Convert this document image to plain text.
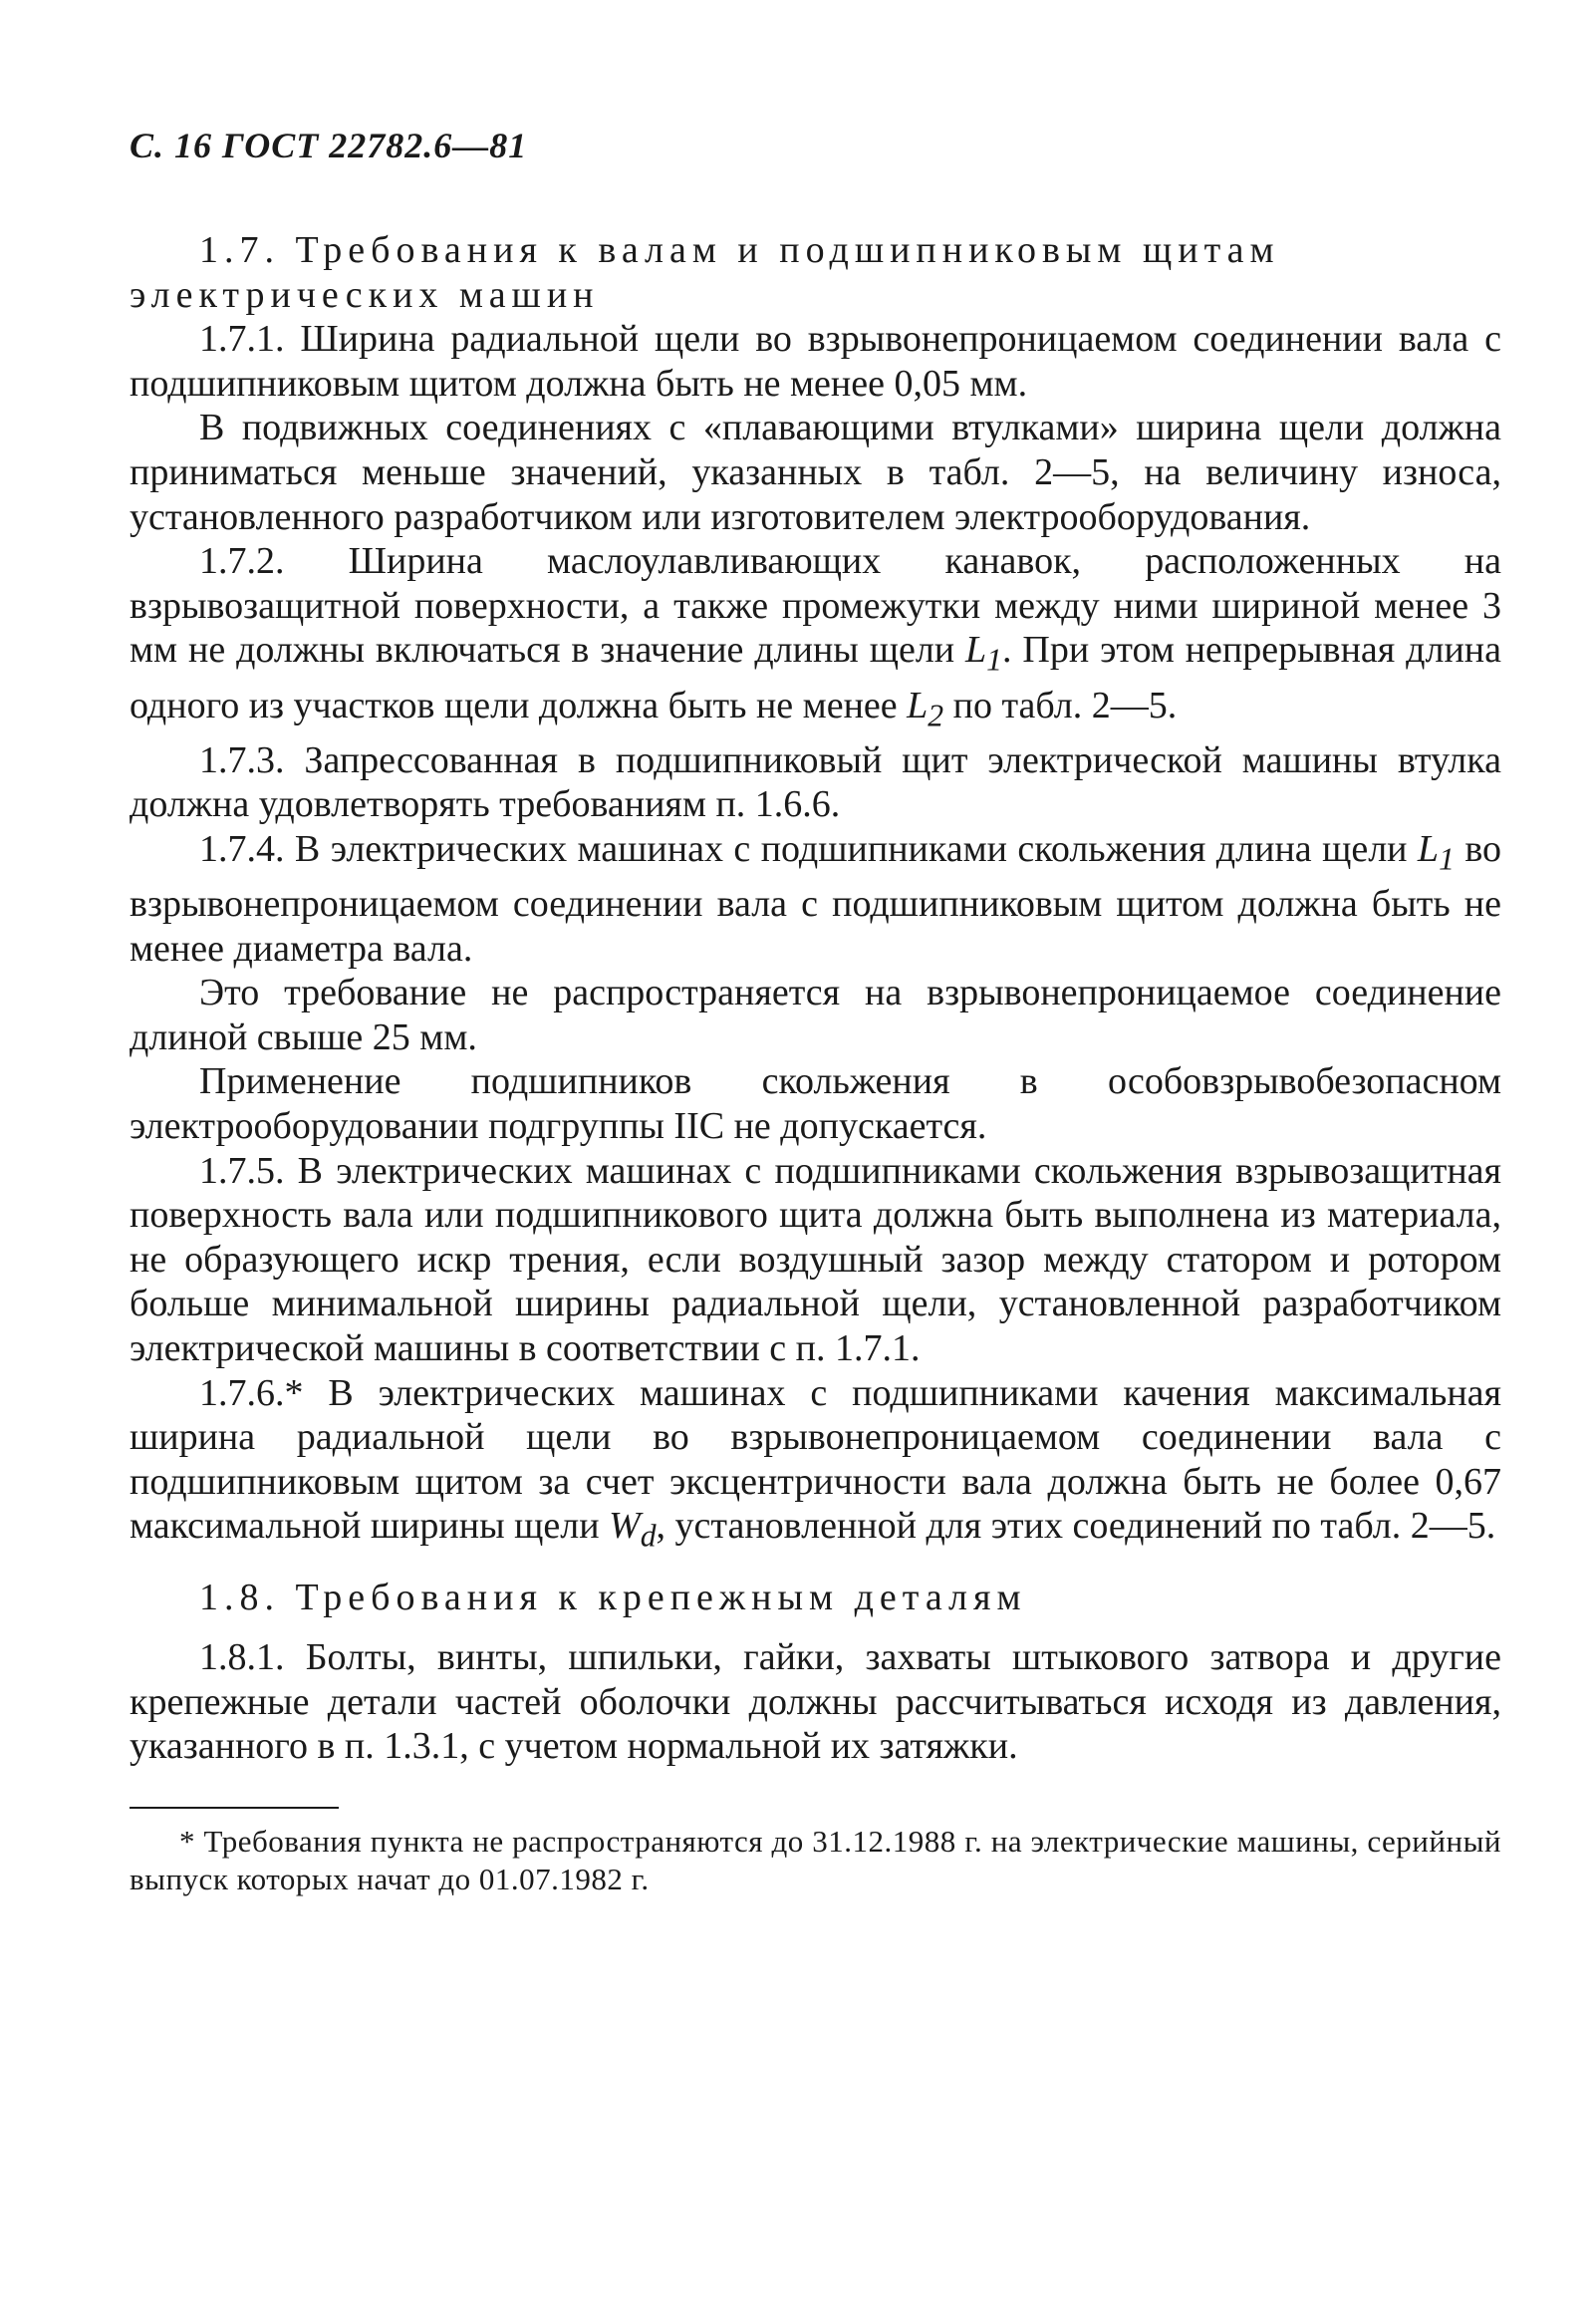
С. 16 ГОСТ 22782.6—81

1.7. Требования к валам и подшипниковым щитам электрических машин

1.7.1. Ширина радиальной щели во взрывонепроницаемом соединении вала с подшипниковым щитом должна быть не менее 0,05 мм.

В подвижных соединениях с «плавающими втулками» ширина щели должна приниматься меньше значений, указанных в табл. 2—5, на величину износа, установленного разработчиком или изготовителем электрооборудования.

1.7.2. Ширина маслоулавливающих канавок, расположенных на взрывозащитной поверхности, а также промежутки между ними шириной менее 3 мм не должны включаться в значение длины щели $L_1$. При этом непрерывная длина одного из участков щели должна быть не менее $L_2$ по табл. 2—5.

1.7.3. Запрессованная в подшипниковый щит электрической машины втулка должна удовлетворять требованиям п. 1.6.6.

1.7.4. В электрических машинах с подшипниками скольжения длина щели $L_1$ во взрывонепроницаемом соединении вала с подшипниковым щитом должна быть не менее диаметра вала.

Это требование не распространяется на взрывонепроницаемое соединение длиной свыше 25 мм.

Применение подшипников скольжения в особовзрывобезопасном электрооборудовании подгруппы IIC не допускается.

1.7.5. В электрических машинах с подшипниками скольжения взрывозащитная поверхность вала или подшипникового щита должна быть выполнена из материала, не образующего искр трения, если воздушный зазор между статором и ротором больше минимальной ширины радиальной щели, установленной разработчиком электрической машины в соответствии с п. 1.7.1.

1.7.6.* В электрических машинах с подшипниками качения максимальная ширина радиальной щели во взрывонепроницаемом соединении вала с подшипниковым щитом за счет эксцентричности вала должна быть не более 0,67 максимальной ширины щели $W_d$, установленной для этих соединений по табл. 2—5.

1.8. Требования к крепежным деталям

1.8.1. Болты, винты, шпильки, гайки, захваты штыкового затвора и другие крепежные детали частей оболочки должны рассчитываться исходя из давления, указанного в п. 1.3.1, с учетом нормальной их затяжки.

* Требования пункта не распространяются до 31.12.1988 г. на электрические машины, серийный выпуск которых начат до 01.07.1982 г.
